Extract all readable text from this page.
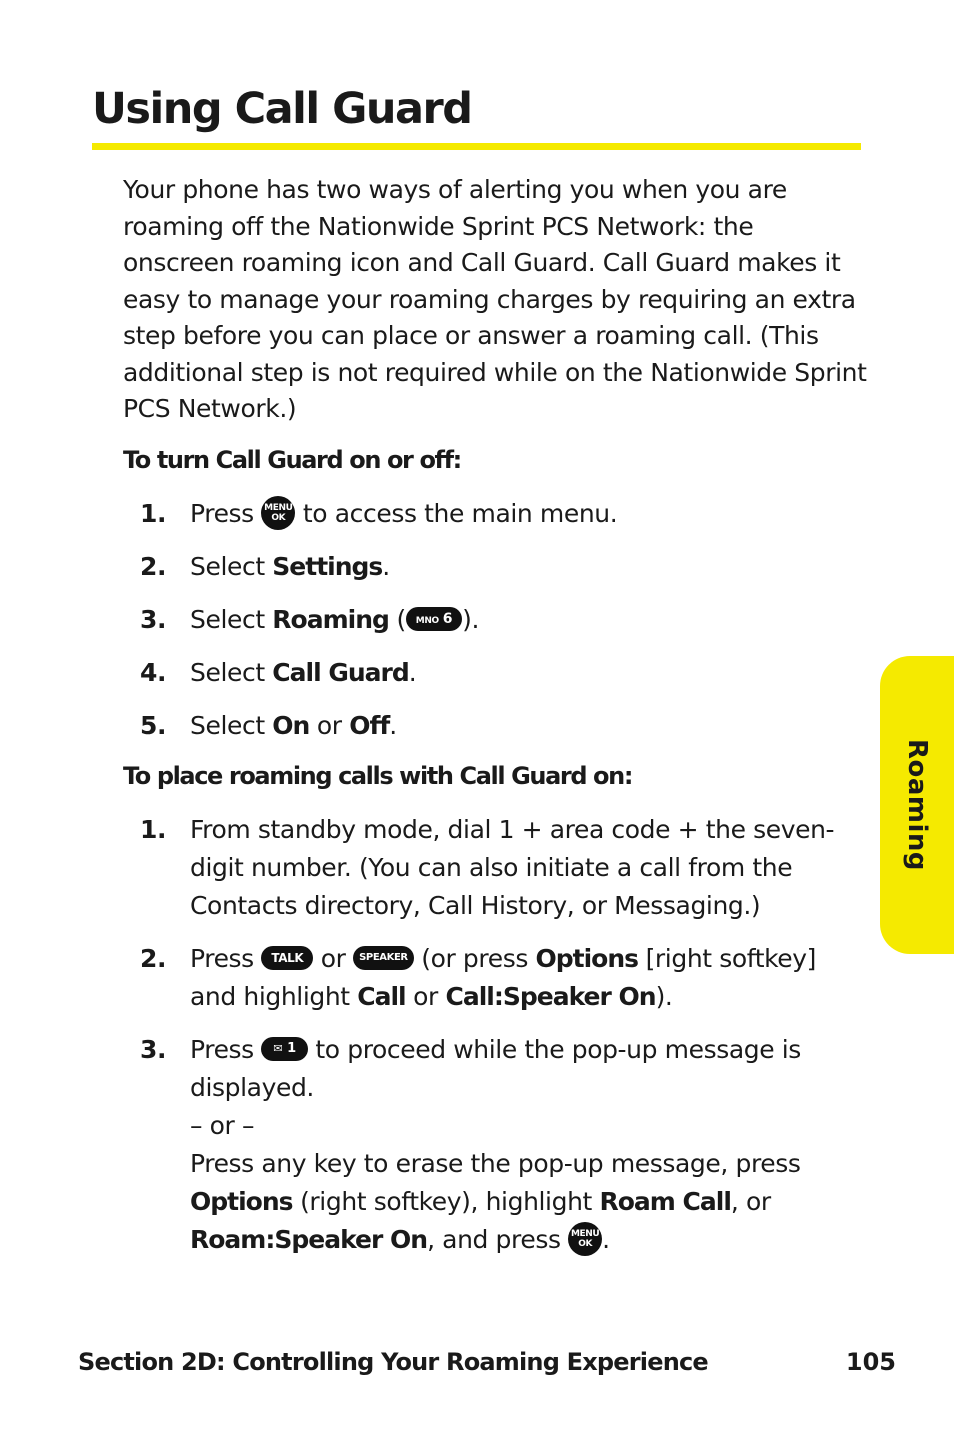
Using Call Guard

Your phone has two ways of alerting you when you are roaming off the Nationwide Sprint PCS Network: the onscreen roaming icon and Call Guard. Call Guard makes it easy to manage your roaming charges by requiring an extra step before you can place or answer a roaming call. (This additional step is not required while on the Nationwide Sprint PCS Network.)

To turn Call Guard on or off:

1. Press MENU
OK to access the main menu.
2. Select Settings.
3. Select Roaming ( MNO 6 ).
4. Select Call Guard.
5. Select On or Off.

To place roaming calls with Call Guard on:

1. From standby mode, dial 1 + area code + the seven-digit number. (You can also initiate a call from the Contacts directory, Call History, or Messaging.)
2. Press TALK or SPEAKER (or press Options [right softkey] and highlight Call or Call:Speaker On).
3. Press ✉ 1 to proceed while the pop-up message is displayed.
– or –
Press any key to erase the pop-up message, press
Options (right softkey), highlight Roam Call, or
Roam:Speaker On, and press MENU
OK .
Roaming
Section 2D: Controlling Your Roaming Experience	105
